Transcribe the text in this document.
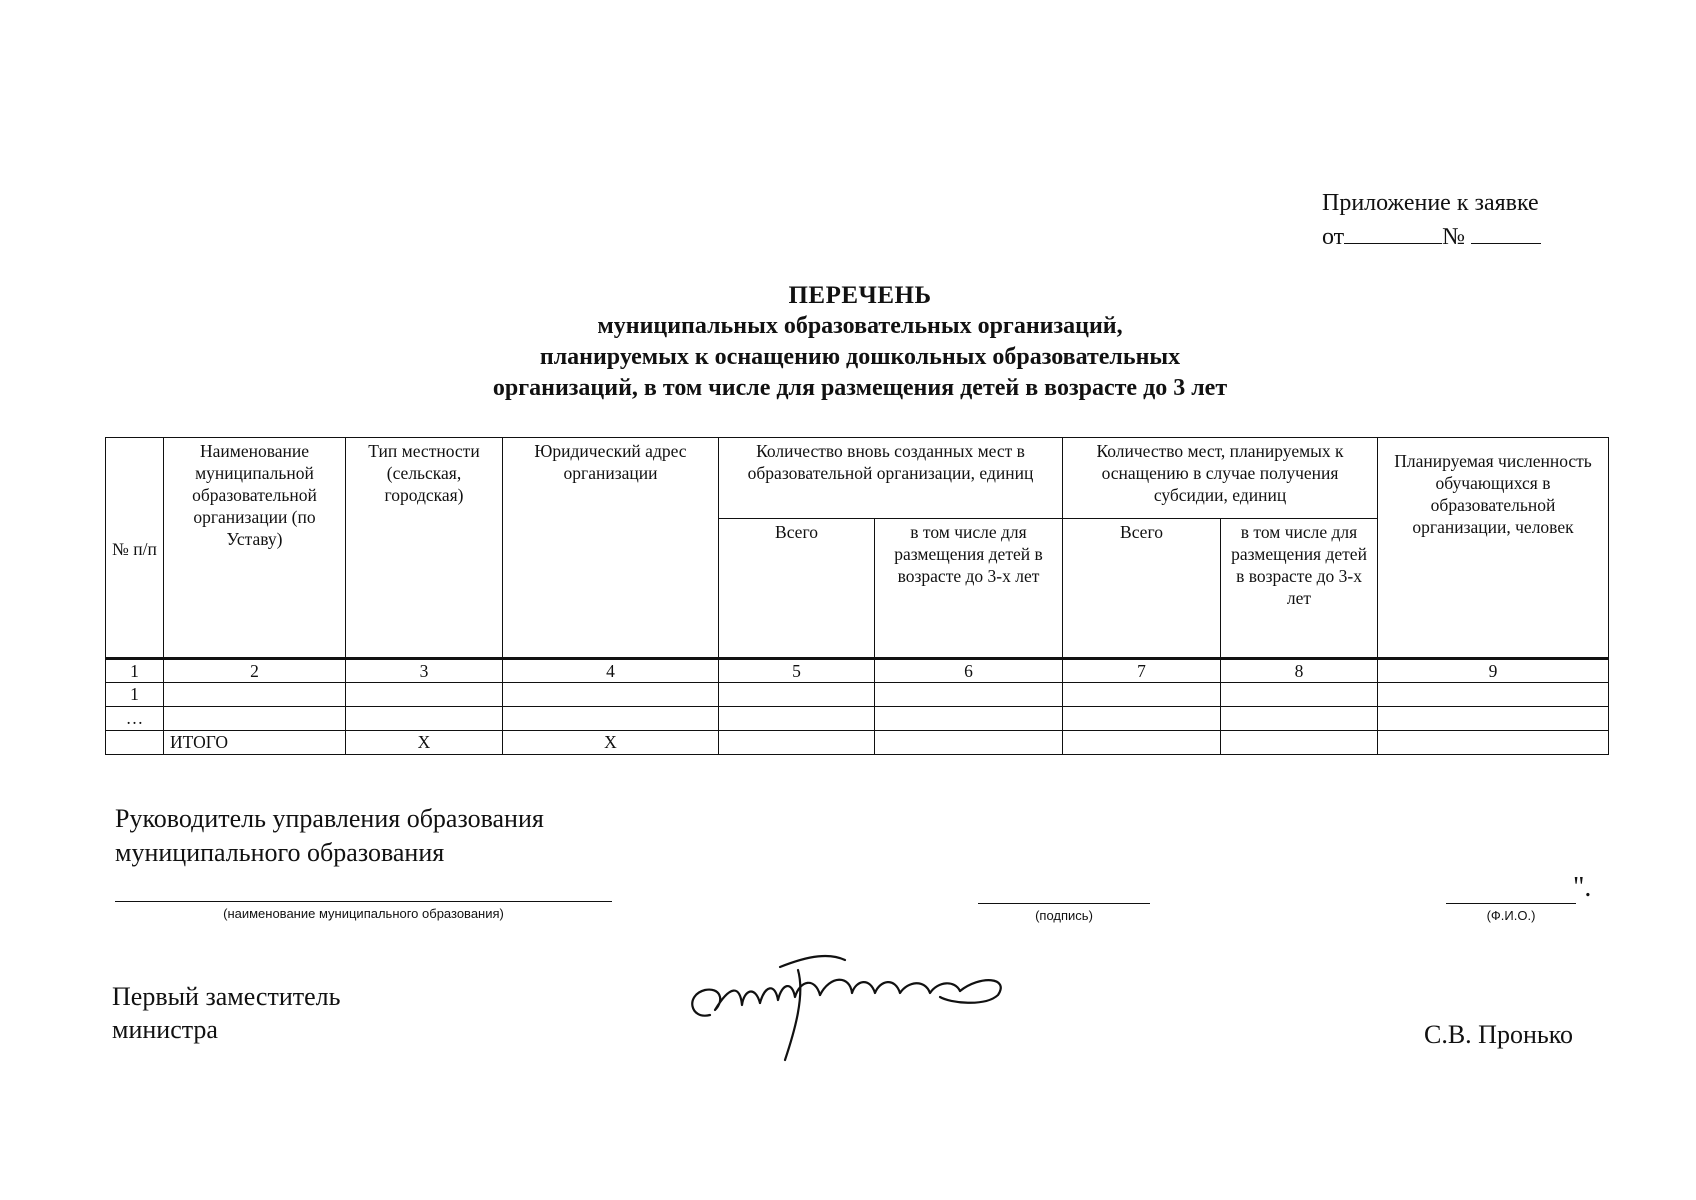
Приложение к заявке
от	№
ПЕРЕЧЕНЬ
муниципальных образовательных организаций,
планируемых к оснащению дошкольных образовательных
организаций, в том числе для размещения детей в возрасте до 3 лет
№ п/п	Наименование муниципальной образовательной организации (по Уставу)	Тип местности (сельская, городская)	Юридический адрес организации	Количество вновь созданных мест в образовательной организации, единиц		Количество мест, планируемых к оснащению в случае получения субсидии, единиц		Планируемая численность обучающихся в образовательной организации, человек
				Всего	в том числе для размещения детей в возрасте до 3-х лет	Всего	в том числе для размещения детей в возрасте до 3-х лет	
1	2	3	4	5	6	7	8	9
1								
…								
	ИТОГО	Х	Х					
Руководитель управления образования
муниципального образования
(наименование муниципального образования)	(подпись)
".
(Ф.И.О.)
Первый заместитель
министра	С.В. Пронько
